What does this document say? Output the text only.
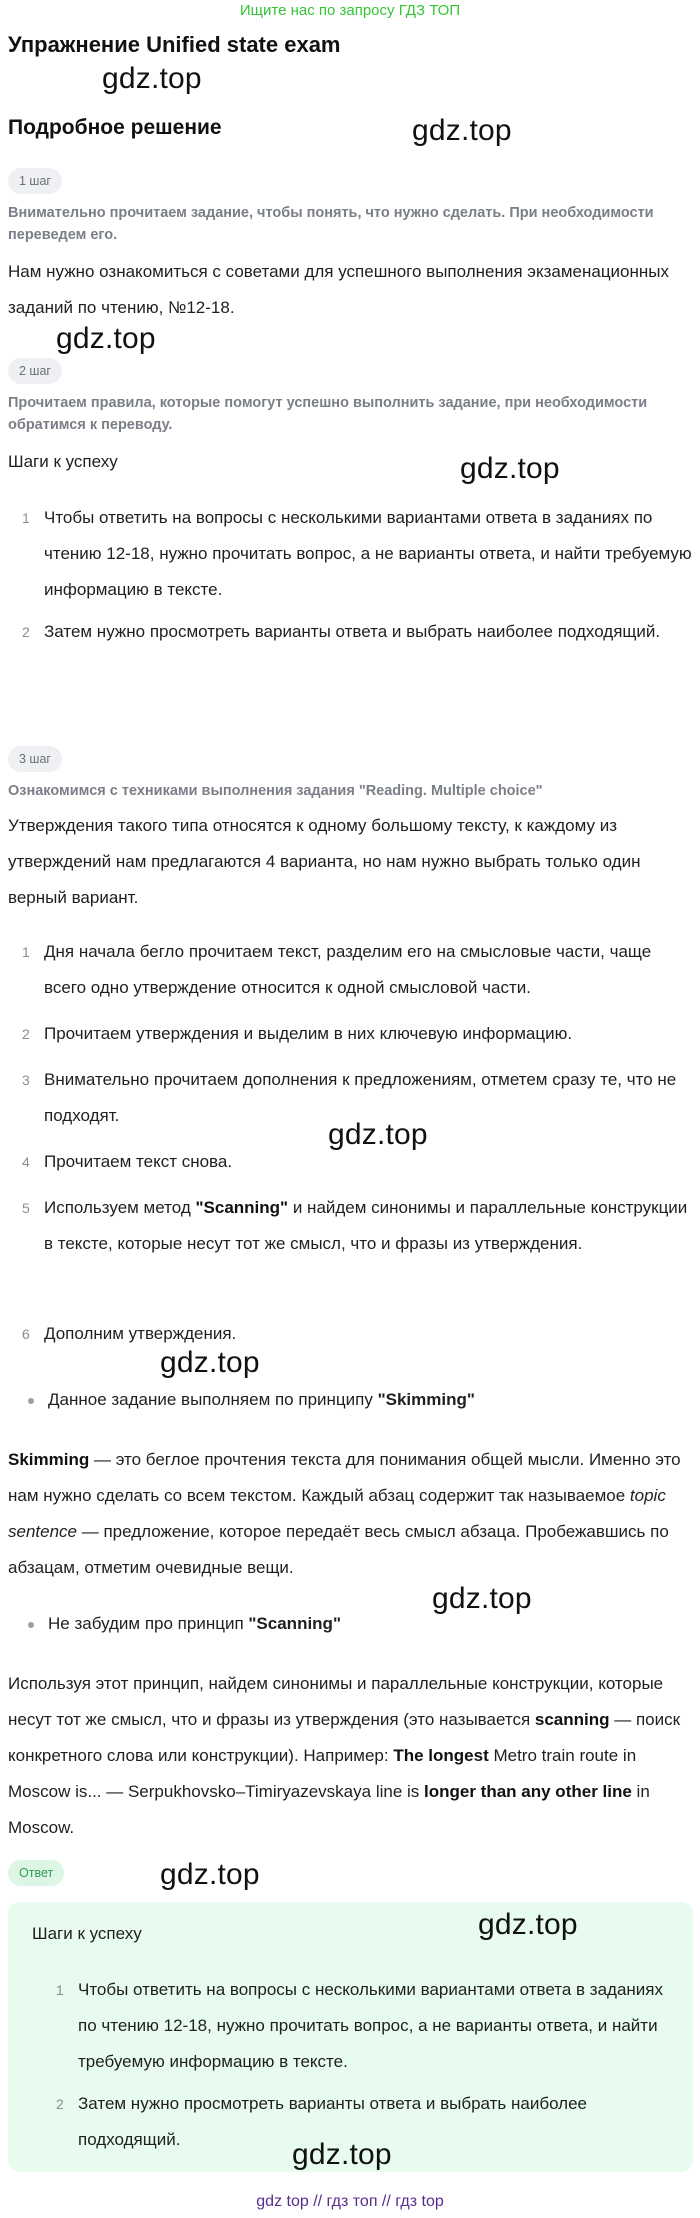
Ищите нас по запросу ГДЗ ТОП
Упражнение Unified state exam
gdz.top
Подробное решение	gdz.top
1 шаг
Внимательно прочитаем задание, чтобы понять, что нужно сделать. При необходимости переведем его.
Нам нужно ознакомиться с советами для успешного выполнения экзаменационных заданий по чтению, №12-18.
gdz.top
2 шаг
Прочитаем правила, которые помогут успешно выполнить задание, при необходимости обратимся к переводу.
Шаги к успеху	gdz.top
1 Чтобы ответить на вопросы с несколькими вариантами ответа в заданиях по чтению 12-18, нужно прочитать вопрос, а не варианты ответа, и найти требуемую информацию в тексте.
2 Затем нужно просмотреть варианты ответа и выбрать наиболее подходящий.
3 шаг
Ознакомимся с техниками выполнения задания "Reading. Multiple choice"
Утверждения такого типа относятся к одному большому тексту, к каждому из утверждений нам предлагаются 4 варианта, но нам нужно выбрать только один верный вариант.
1 Дня начала бегло прочитаем текст, разделим его на смысловые части, чаще всего одно утверждение относится к одной смысловой части.
2 Прочитаем утверждения и выделим в них ключевую информацию.
3 Внимательно прочитаем дополнения к предложениям, отметем сразу те, что не подходят.
gdz.top
4 Прочитаем текст снова.
5 Используем метод "Scanning" и найдем синонимы и параллельные конструкции в тексте, которые несут тот же смысл, что и фразы из утверждения.
6 Дополним утверждения.
gdz.top
Данное задание выполняем по принципу "Skimming"
Skimming — это беглое прочтения текста для понимания общей мысли. Именно это нам нужно сделать со всем текстом. Каждый абзац содержит так называемое topic sentence — предложение, которое передаёт весь смысл абзаца. Пробежавшись по абзацам, отметим очевидные вещи.
Не забудим про принцип "Scanning"
gdz.top
Используя этот принцип, найдем синонимы и параллельные конструкции, которые несут тот же смысл, что и фразы из утверждения (это называется scanning — поиск конкретного слова или конструкции). Например: The longest Metro train route in Moscow is... — Serpukhovsko–Timiryazevskaya line is longer than any other line in Moscow.
Ответ	gdz.top
Шаги к успеху	gdz.top
1 Чтобы ответить на вопросы с несколькими вариантами ответа в заданиях по чтению 12-18, нужно прочитать вопрос, а не варианты ответа, и найти требуемую информацию в тексте.
2 Затем нужно просмотреть варианты ответа и выбрать наиболее подходящий.	gdz.top
gdz top // гдз топ // гдз top
